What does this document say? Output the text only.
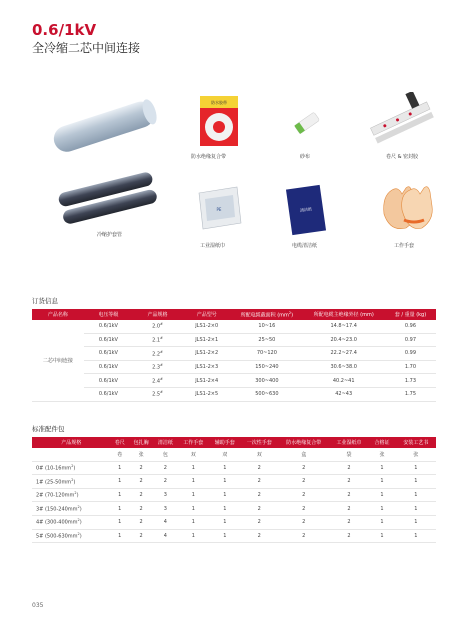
0.6/1kV
全冷缩二芯中间连接
冷缩护套管
防水胶带
防水绝缘复合带	砂布	卷尺 & 密封胶
PE
工业湿纸巾
清洁纸
电缆清洁纸	工作手套
订货信息
产品名称	电压等级	产品规格	产品型号	所配电缆截面积 $(mm^2)$	所配电缆主绝缘外径 (mm)	套 / 重量 (kg)
二芯中间连接	0.6/1kV	2.0#	JLS1-2×0	10~16	14.8~17.4	0.96
	0.6/1kV	2.1#	JLS1-2×1	25~50	20.4~23.0	0.97
	0.6/1kV	2.2#	JLS1-2×2	70~120	22.2~27.4	0.99
	0.6/1kV	2.3#	JLS1-2×3	150~240	30.6~38.0	1.70
	0.6/1kV	2.4#	JLS1-2×4	300~400	40.2~41	1.73
	0.6/1kV	2.5#	JLS1-2×5	500~630	42~43	1.75
标准配件包
产品规格	卷尺	包扎胸	清洁纸	工作手套	辅助手套	一次性手套	防水绝缘复合带	工业湿纸巾	合格证	安装工艺书
	卷	张	包	双	双	双	盒	袋	张	张
0# $(10-16mm^2)$	1	2	2	1	1	2	2	2	1	1
1# $(25-50mm^2)$	1	2	2	1	1	2	2	2	1	1
2# $(70-120mm^2)$	1	2	3	1	1	2	2	2	1	1
3# $(150-240mm^2)$	1	2	3	1	1	2	2	2	1	1
4# $(300-400mm^2)$	1	2	4	1	1	2	2	2	1	1
5# $(500-630mm^2)$	1	2	4	1	1	2	2	2	1	1
035
